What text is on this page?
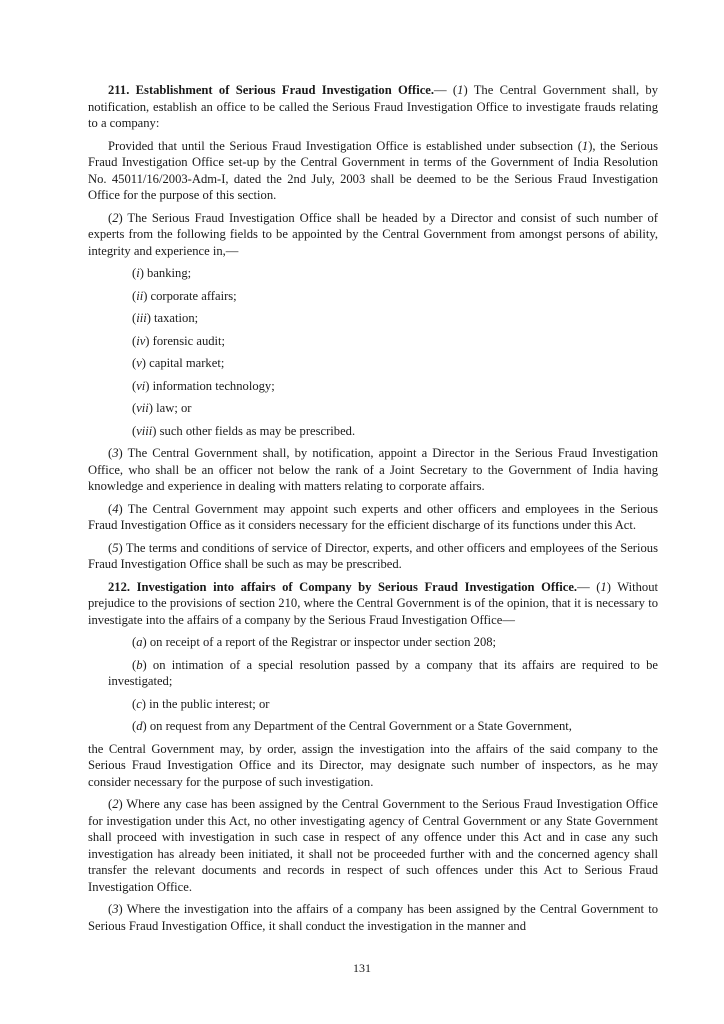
211. Establishment of Serious Fraud Investigation Office.— (1) The Central Government shall, by notification, establish an office to be called the Serious Fraud Investigation Office to investigate frauds relating to a company:

Provided that until the Serious Fraud Investigation Office is established under subsection (1), the Serious Fraud Investigation Office set-up by the Central Government in terms of the Government of India Resolution No. 45011/16/2003-Adm-I, dated the 2nd July, 2003 shall be deemed to be the Serious Fraud Investigation Office for the purpose of this section.

(2) The Serious Fraud Investigation Office shall be headed by a Director and consist of such number of experts from the following fields to be appointed by the Central Government from amongst persons of ability, integrity and experience in,—

(i) banking;
(ii) corporate affairs;
(iii) taxation;
(iv) forensic audit;
(v) capital market;
(vi) information technology;
(vii) law; or
(viii) such other fields as may be prescribed.

(3) The Central Government shall, by notification, appoint a Director in the Serious Fraud Investigation Office, who shall be an officer not below the rank of a Joint Secretary to the Government of India having knowledge and experience in dealing with matters relating to corporate affairs.

(4) The Central Government may appoint such experts and other officers and employees in the Serious Fraud Investigation Office as it considers necessary for the efficient discharge of its functions under this Act.

(5) The terms and conditions of service of Director, experts, and other officers and employees of the Serious Fraud Investigation Office shall be such as may be prescribed.

212. Investigation into affairs of Company by Serious Fraud Investigation Office.— (1) Without prejudice to the provisions of section 210, where the Central Government is of the opinion, that it is necessary to investigate into the affairs of a company by the Serious Fraud Investigation Office—

(a) on receipt of a report of the Registrar or inspector under section 208;
(b) on intimation of a special resolution passed by a company that its affairs are required to be investigated;
(c) in the public interest; or
(d) on request from any Department of the Central Government or a State Government,

the Central Government may, by order, assign the investigation into the affairs of the said company to the Serious Fraud Investigation Office and its Director, may designate such number of inspectors, as he may consider necessary for the purpose of such investigation.

(2) Where any case has been assigned by the Central Government to the Serious Fraud Investigation Office for investigation under this Act, no other investigating agency of Central Government or any State Government shall proceed with investigation in such case in respect of any offence under this Act and in case any such investigation has already been initiated, it shall not be proceeded further with and the concerned agency shall transfer the relevant documents and records in respect of such offences under this Act to Serious Fraud Investigation Office.

(3) Where the investigation into the affairs of a company has been assigned by the Central Government to Serious Fraud Investigation Office, it shall conduct the investigation in the manner and

131
